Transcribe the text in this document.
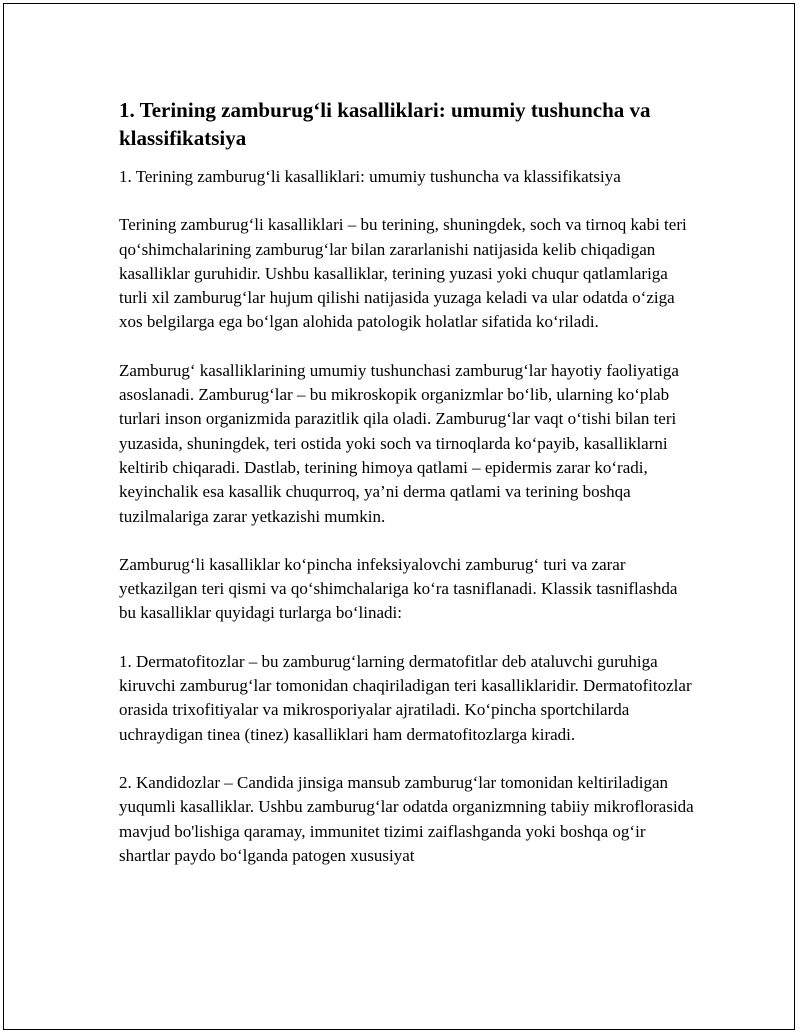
1. Terining zamburug‘li kasalliklari: umumiy tushuncha va klassifikatsiya

1. Terining zamburug‘li kasalliklari: umumiy tushuncha va klassifikatsiya

Terining zamburug‘li kasalliklari – bu terining, shuningdek, soch va tirnoq kabi teri qo‘shimchalarining zamburug‘lar bilan zararlanishi natijasida kelib chiqadigan kasalliklar guruhidir. Ushbu kasalliklar, terining yuzasi yoki chuqur qatlamlariga turli xil zamburug‘lar hujum qilishi natijasida yuzaga keladi va ular odatda o‘ziga xos belgilarga ega bo‘lgan alohida patologik holatlar sifatida ko‘riladi.

Zamburug‘ kasalliklarining umumiy tushunchasi zamburug‘lar hayotiy faoliyatiga asoslanadi. Zamburug‘lar – bu mikroskopik organizmlar bo‘lib, ularning ko‘plab turlari inson organizmida parazitlik qila oladi. Zamburug‘lar vaqt o‘tishi bilan teri yuzasida, shuningdek, teri ostida yoki soch va tirnoqlarda ko‘payib, kasalliklarni keltirib chiqaradi. Dastlab, terining himoya qatlami – epidermis zarar ko‘radi, keyinchalik esa kasallik chuqurroq, ya’ni derma qatlami va terining boshqa tuzilmalariga zarar yetkazishi mumkin.

Zamburug‘li kasalliklar ko‘pincha infeksiyalovchi zamburug‘ turi va zarar yetkazilgan teri qismi va qo‘shimchalariga ko‘ra tasniflanadi. Klassik tasniflashda bu kasalliklar quyidagi turlarga bo‘linadi:

1. Dermatofitozlar – bu zamburug‘larning dermatofitlar deb ataluvchi guruhiga kiruvchi zamburug‘lar tomonidan chaqiriladigan teri kasalliklaridir. Dermatofitozlar orasida trixofitiyalar va mikrosporiyalar ajratiladi. Ko‘pincha sportchilarda uchraydigan tinea (tinez) kasalliklari ham dermatofitozlarga kiradi.

2. Kandidozlar – Candida jinsiga mansub zamburug‘lar tomonidan keltiriladigan yuqumli kasalliklar. Ushbu zamburug‘lar odatda organizmning tabiiy mikroflorasida mavjud bo'lishiga qaramay, immunitet tizimi zaiflashganda yoki boshqa og‘ir shartlar paydo bo‘lganda patogen xususiyat
